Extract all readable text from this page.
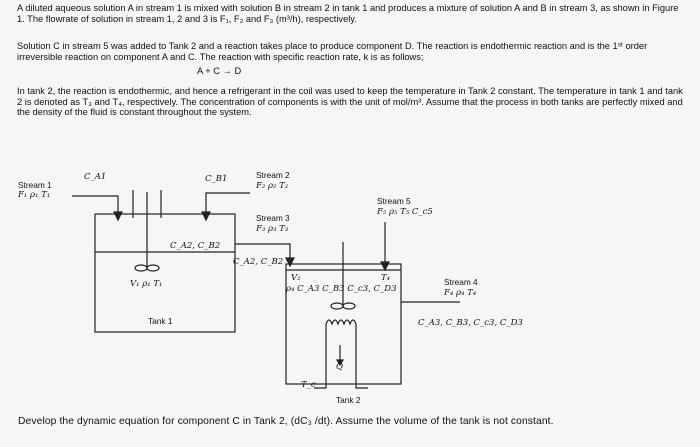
A diluted aqueous solution A in stream 1 is mixed with solution B in stream 2 in tank 1 and produces a mixture of solution A and B in stream 3, as shown in Figure 1. The flowrate of solution in stream 1, 2 and 3 is F₁, F₂ and F₃ (m³/h), respectively.
Solution C in stream 5 was added to Tank 2 and a reaction takes place to produce component D. The reaction is endothermic reaction and is the 1ˢᵗ order irreversible reaction on component A and C. The reaction with specific reaction rate, k is as follows;
A + C → D
In tank 2, the reaction is endothermic, and hence a refrigerant in the coil was used to keep the temperature in Tank 2 constant. The temperature in tank 1 and tank 2 is denoted as T₃ and T₄, respectively. The concentration of components is with the unit of mol/m³. Assume that the process in both tanks are perfectly mixed and the density of the fluid is constant throughout the system.
Stream 1
F₁ ρ₁ T₁
C_A1	C_B1	Stream 2
F₂ ρ₂ T₂
Stream 3
F₃ ρ₃ T₃
C_A2, C_B2
V₁ ρ₁ T₁
Tank 1
C_A2, C_B2
Stream 5
F₅ ρ₅ T₅ C_c5
V₂
ρ₄ C_A3 C_B3 C_c3, C_D3
T₄	Stream 4
F₄ ρ₄ T₄
C_A3, C_B3, C_c3, C_D3
Q
T_c
Tank 2
Develop the dynamic equation for component C in Tank 2, (dC₃ /dt). Assume the volume of the tank is not constant.
